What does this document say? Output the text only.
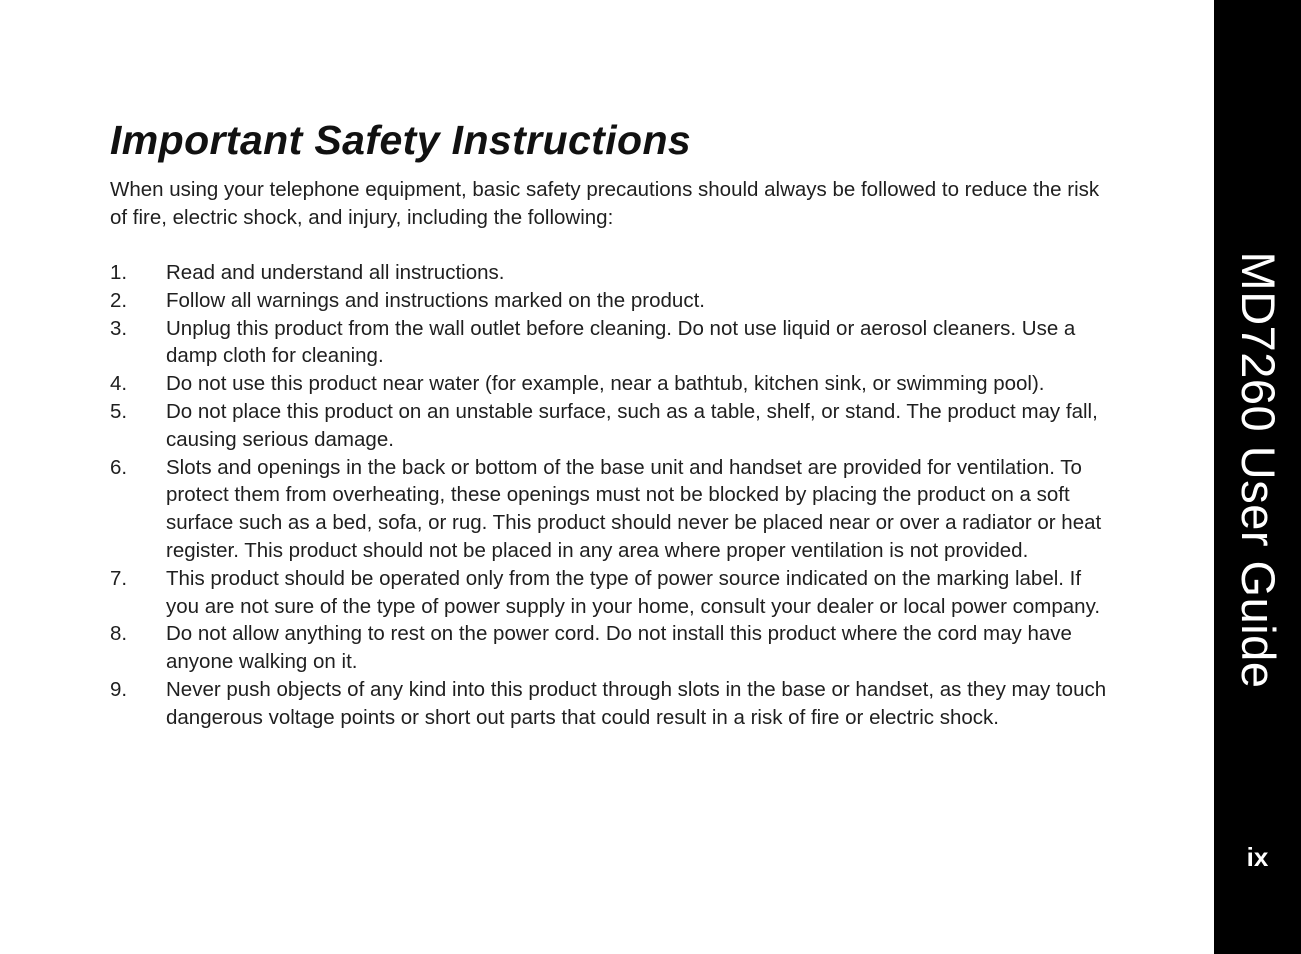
Important Safety Instructions

When using your telephone equipment, basic safety precautions should always be followed to reduce the risk of fire, electric shock, and injury, including the following:

1.	Read and understand all instructions.
2.	Follow all warnings and instructions marked on the product.
3.	Unplug this product from the wall outlet before cleaning. Do not use liquid or aerosol cleaners. Use a damp cloth for cleaning.
4.	Do not use this product near water (for example, near a bathtub, kitchen sink, or swimming pool).
5.	Do not place this product on an unstable surface, such as a table, shelf, or stand. The product may fall, causing serious damage.
6.	Slots and openings in the back or bottom of the base unit and handset are provided for ventilation. To protect them from overheating, these openings must not be blocked by placing the product on a soft surface such as a bed, sofa, or rug. This product should never be placed near or over a radiator or heat register. This product should not be placed in any area where proper ventilation is not provided.
7.	This product should be operated only from the type of power source indicated on the marking label. If you are not sure of the type of power supply in your home, consult your dealer or local power company.
8.	Do not allow anything to rest on the power cord. Do not install this product where the cord may have anyone walking on it.
9.	Never push objects of any kind into this product through slots in the base or handset, as they may touch dangerous voltage points or short out parts that could result in a risk of fire or electric shock.
MD7260 User Guide
ix
